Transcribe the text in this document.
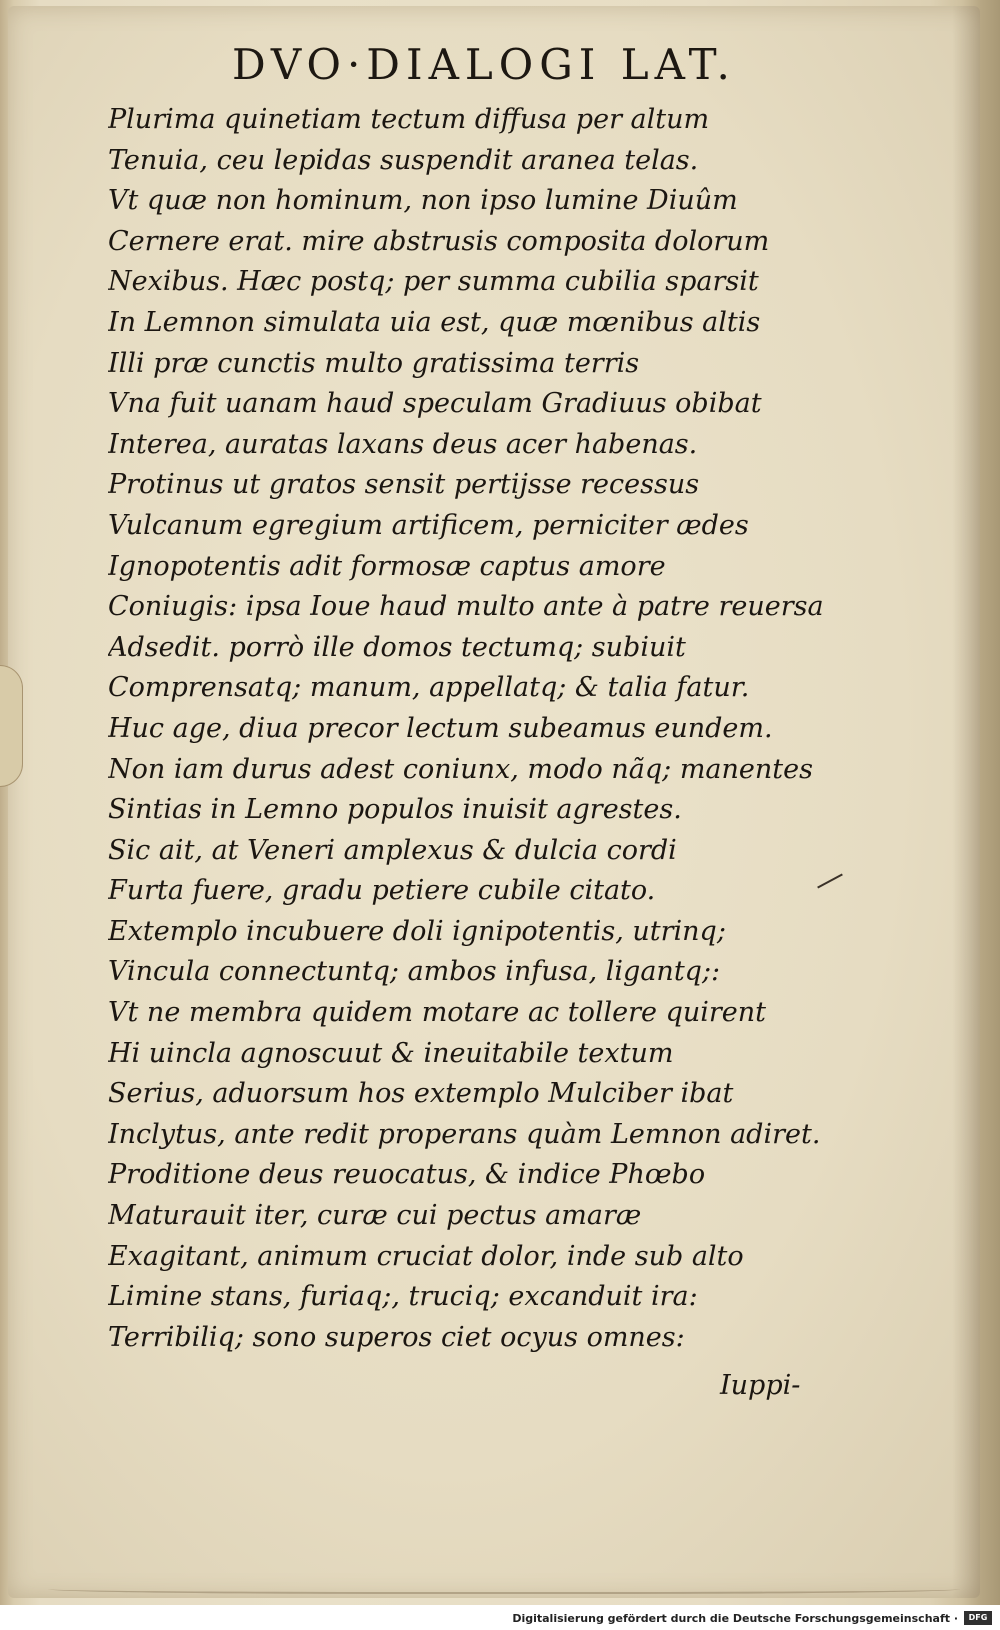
DVO·DIALOGI LAT.
Plurima quinetiam tectum diffusa per altum
Tenuia, ceu lepidas suspendit aranea telas.
Vt quæ non hominum, non ipso lumine Diuûm
Cernere erat. mire abstrusis composita dolorum
Nexibus. Hæc postq; per summa cubilia sparsit
In Lemnon simulata uia est, quæ mœnibus altis
Illi præ cunctis multo gratissima terris
Vna fuit uanam haud speculam Gradiuus obibat
Interea, auratas laxans deus acer habenas.
Protinus ut gratos sensit pertijsse recessus
Vulcanum egregium artificem, perniciter ædes
Ignopotentis adit formosæ captus amore
Coniugis: ipsa Ioue haud multo ante à patre reuersa
Adsedit. porrò ille domos tectumq; subiuit
Comprensatq; manum, appellatq; & talia fatur.
Huc age, diua precor lectum subeamus eundem.
Non iam durus adest coniunx, modo nãq; manentes
Sintias in Lemno populos inuisit agrestes.
Sic ait, at Veneri amplexus & dulcia cordi
Furta fuere, gradu petiere cubile citato.
Extemplo incubuere doli ignipotentis, utrinq;
Vincula connectuntq; ambos infusa, ligantq;:
Vt ne membra quidem motare ac tollere quirent
Hi uincla agnoscuut & ineuitabile textum
Serius, aduorsum hos extemplo Mulciber ibat
Inclytus, ante redit properans quàm Lemnon adiret.
Proditione deus reuocatus, & indice Phœbo
Maturauit iter, curæ cui pectus amaræ
Exagitant, animum cruciat dolor, inde sub alto
Limine stans, furiaq;, truciq; excanduit ira:
Terribiliq; sono superos ciet ocyus omnes:
Iuppi-
Digitalisierung gefördert durch die Deutsche Forschungsgemeinschaft ·	DFG
